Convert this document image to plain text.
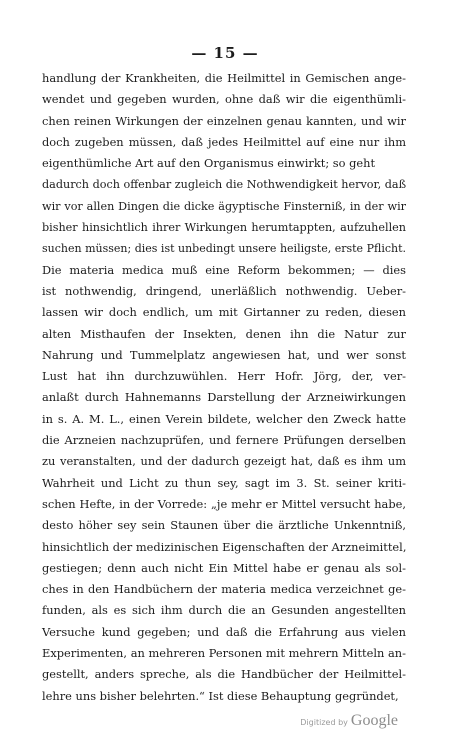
— 15 —
handlung der Krankheiten, die Heilmittel in Gemischen ange-
wendet und gegeben wurden, ohne daß wir die eigenthümli-
chen reinen Wirkungen der einzelnen genau kannten, und wir
doch zugeben müssen, daß jedes Heilmittel auf eine nur ihm
eigenthümliche Art auf den Organismus einwirkt; so geht
dadurch doch offenbar zugleich die Nothwendigkeit hervor, daß
wir vor allen Dingen die dicke ägyptische Finsterniß, in der wir
bisher hinsichtlich ihrer Wirkungen herumtappten, aufzuhellen
suchen müssen; dies ist unbedingt unsere heiligste, erste Pflicht.
Die materia medica muß eine Reform bekommen; — dies
ist nothwendig, dringend, unerläßlich nothwendig. Ueber-
lassen wir doch endlich, um mit Girtanner zu reden, diesen
alten Misthaufen der Insekten, denen ihn die Natur zur
Nahrung und Tummelplatz angewiesen hat, und wer sonst
Lust hat ihn durchzuwühlen. Herr Hofr. Jörg, der, ver-
anlaßt durch Hahnemanns Darstellung der Arzneiwirkungen
in s. A. M. L., einen Verein bildete, welcher den Zweck hatte
die Arzneien nachzuprüfen, und fernere Prüfungen derselben
zu veranstalten, und der dadurch gezeigt hat, daß es ihm um
Wahrheit und Licht zu thun sey, sagt im 3. St. seiner kriti-
schen Hefte, in der Vorrede: „je mehr er Mittel versucht habe,
desto höher sey sein Staunen über die ärztliche Unkenntniß,
hinsichtlich der medizinischen Eigenschaften der Arzneimittel,
gestiegen; denn auch nicht Ein Mittel habe er genau als sol-
ches in den Handbüchern der materia medica verzeichnet ge-
funden, als es sich ihm durch die an Gesunden angestellten
Versuche kund gegeben; und daß die Erfahrung aus vielen
Experimenten, an mehreren Personen mit mehrern Mitteln an-
gestellt, anders spreche, als die Handbücher der Heilmittel-
lehre uns bisher belehrten.“ Ist diese Behauptung gegründet,
Digitized by Google
